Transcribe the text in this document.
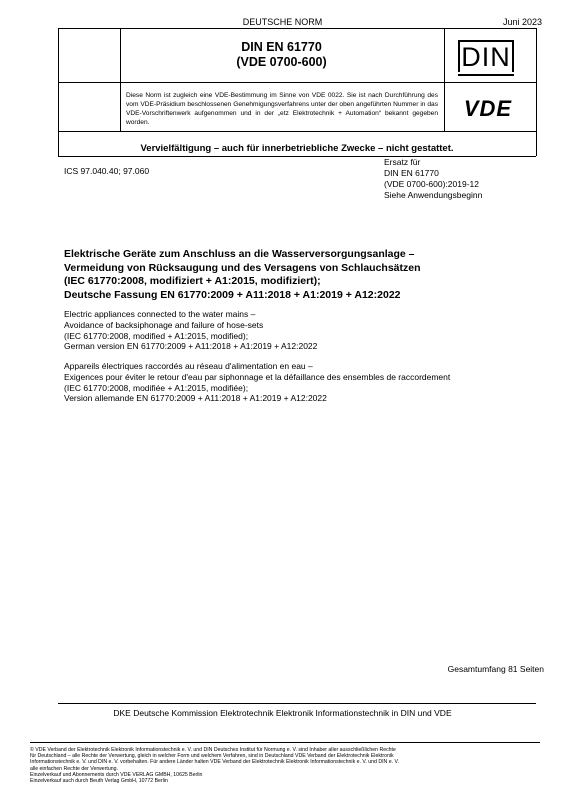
DEUTSCHE NORM	Juni 2023
DIN EN 61770
(VDE 0700-600)	DIN
Diese Norm ist zugleich eine VDE-Bestimmung im Sinne von VDE 0022. Sie ist nach Durchführung des vom VDE-Präsidium beschlossenen Genehmigungsverfahrens unter der oben angeführten Nummer in das VDE-Vorschriftenwerk aufgenommen und in der „etz Elektrotechnik + Automation“ bekannt gegeben worden.
VDE
Vervielfältigung – auch für innerbetriebliche Zwecke – nicht gestattet.
ICS 97.040.40; 97.060
Ersatz für
DIN EN 61770
(VDE 0700-600):2019-12
Siehe Anwendungsbeginn
Elektrische Geräte zum Anschluss an die Wasserversorgungsanlage –
Vermeidung von Rücksaugung und des Versagens von Schlauchsätzen
(IEC 61770:2008, modifiziert + A1:2015, modifiziert);
Deutsche Fassung EN 61770:2009 + A11:2018 + A1:2019 + A12:2022
Electric appliances connected to the water mains –
Avoidance of backsiphonage and failure of hose-sets
(IEC 61770:2008, modified + A1:2015, modified);
German version EN 61770:2009 + A11:2018 + A1:2019 + A12:2022
Appareils électriques raccordés au réseau d'alimentation en eau –
Exigences pour éviter le retour d'eau par siphonnage et la défaillance des ensembles de raccordement
(IEC 61770:2008, modifiée + A1:2015, modifiée);
Version allemande EN 61770:2009 + A11:2018 + A1:2019 + A12:2022
Gesamtumfang 81 Seiten
DKE Deutsche Kommission Elektrotechnik Elektronik Informationstechnik in DIN und VDE
© VDE Verband der Elektrotechnik Elektronik Informationstechnik e. V. und DIN Deutsches Institut für Normung e. V. sind Inhaber aller ausschließlichen Rechte
für Deutschland – alle Rechte der Verwertung, gleich in welcher Form und welchem Verfahren, sind in Deutschland VDE Verband der Elektrotechnik Elektronik
Informationstechnik e. V. und DIN e. V. vorbehalten. Für andere Länder halten VDE Verband der Elektrotechnik Elektronik Informationstechnik e. V. und DIN e. V.
alle einfachen Rechte der Verwertung.
Einzelverkauf und Abonnements durch VDE VERLAG GMBH, 10625 Berlin
Einzelverkauf auch durch Beuth Verlag GmbH, 10772 Berlin
